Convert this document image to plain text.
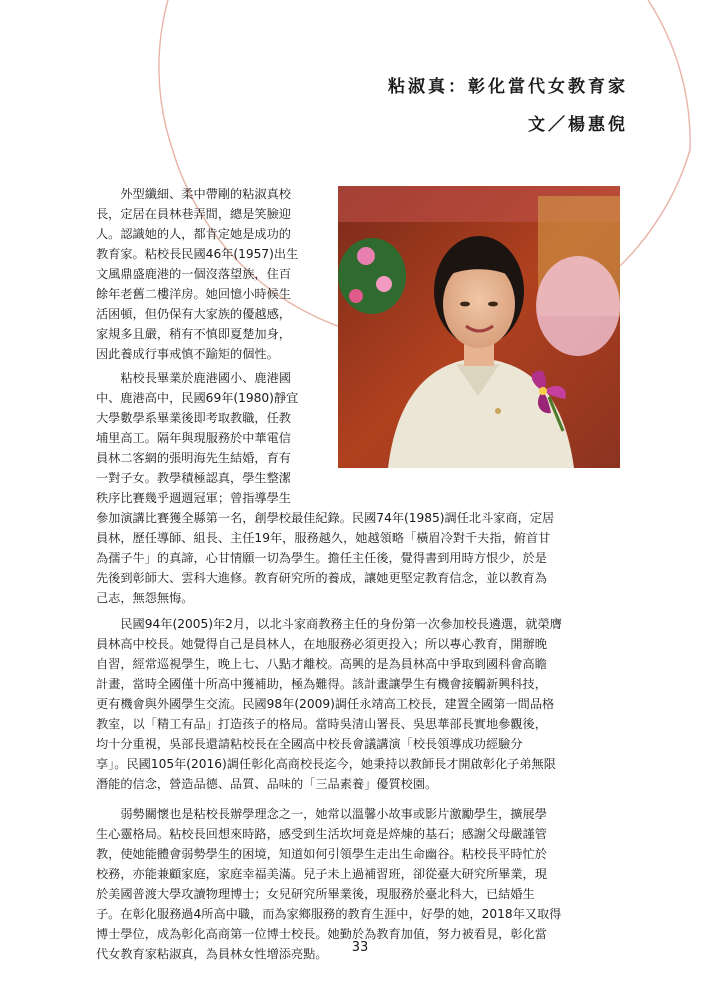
粘淑真：彰化當代女教育家
文／楊惠倪
　　外型纖細、柔中帶剛的粘淑真校
長，定居在員林巷弄間，總是笑臉迎
人。認識她的人，都肯定她是成功的
教育家。粘校長民國46年(1957)出生
文風鼎盛鹿港的一個沒落望族，住百
餘年老舊二樓洋房。她回憶小時候生
活困頓，但仍保有大家族的優越感，
家規多且嚴，稍有不慎即夏楚加身，
因此養成行事戒慎不踰矩的個性。
　　粘校長畢業於鹿港國小、鹿港國
中、鹿港高中，民國69年(1980)靜宜
大學數學系畢業後即考取教職，任教
埔里高工。隔年與現服務於中華電信
員林二客網的張明海先生結婚，育有
一對子女。教學積極認真，學生整潔
秩序比賽幾乎週週冠軍；曾指導學生
參加演講比賽獲全縣第一名，創學校最佳紀錄。民國74年(1985)調任北斗家商，定居
員林，歷任導師、組長、主任19年，服務越久，她越領略「橫眉冷對千夫指，俯首甘
為孺子牛」的真諦，心甘情願一切為學生。擔任主任後，覺得書到用時方恨少，於是
先後到彰師大、雲科大進修。教育研究所的養成，讓她更堅定教育信念，並以教育為
己志，無怨無悔。
　　民國94年(2005)年2月，以北斗家商教務主任的身份第一次參加校長遴選，就榮膺
員林高中校長。她覺得自己是員林人，在地服務必須更投入；所以專心教育，開辦晚
自習，經常巡視學生，晚上七、八點才離校。高興的是為員林高中爭取到國科會高瞻
計畫，當時全國僅十所高中獲補助，極為難得。該計畫讓學生有機會接觸新興科技，
更有機會與外國學生交流。民國98年(2009)調任永靖高工校長，建置全國第一間品格
教室，以「精工有品」打造孩子的格局。當時吳清山署長、吳思華部長實地參觀後，
均十分重視，吳部長還請粘校長在全國高中校長會議講演「校長領導成功經驗分
享」。民國105年(2016)調任彰化高商校長迄今，她秉持以教師長才開啟彰化子弟無限
潛能的信念，營造品德、品質、品味的「三品素養」優質校園。
　　弱勢關懷也是粘校長辦學理念之一，她常以溫馨小故事或影片激勵學生，擴展學
生心靈格局。粘校長回想來時路，感受到生活坎坷竟是焠煉的基石；感謝父母嚴謹管
教，使她能體會弱勢學生的困境，知道如何引領學生走出生命幽谷。粘校長平時忙於
校務，亦能兼顧家庭，家庭幸福美滿。兒子未上過補習班，卻從臺大研究所畢業，現
於美國普渡大學攻讀物理博士；女兒研究所畢業後，現服務於臺北科大，已結婚生
子。在彰化服務過4所高中職，而為家鄉服務的教育生涯中，好學的她，2018年又取得
博士學位，成為彰化高商第一位博士校長。她勤於為教育加值，努力被看見，彰化當
代女教育家粘淑真，為員林女性增添亮點。	33
